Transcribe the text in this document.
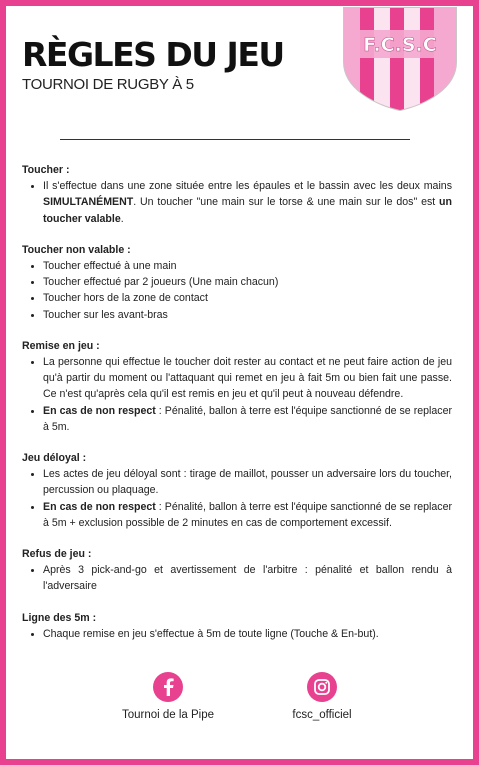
F.C.S.C
RÈGLES DU JEU

TOURNOI DE RUGBY À 5

Toucher :

• Il s'effectue dans une zone située entre les épaules et le bassin avec les deux mains SIMULTANÉMENT. Un toucher "une main sur le torse & une main sur le dos" est un toucher valable.

Toucher non valable :

• Toucher effectué à une main
• Toucher effectué par 2 joueurs (Une main chacun)
• Toucher hors de la zone de contact
• Toucher sur les avant-bras

Remise en jeu :

• La personne qui effectue le toucher doit rester au contact et ne peut faire action de jeu qu'à partir du moment ou l'attaquant qui remet en jeu à fait 5m ou bien fait une passe. Ce n'est qu'après cela qu'il est remis en jeu et qu'il peut à nouveau défendre.
• En cas de non respect : Pénalité, ballon à terre est l'équipe sanctionné de se replacer à 5m.

Jeu déloyal :

• Les actes de jeu déloyal sont : tirage de maillot, pousser un adversaire lors du toucher, percussion ou plaquage.
• En cas de non respect : Pénalité, ballon à terre est l'équipe sanctionné de se replacer à 5m + exclusion possible de 2 minutes en cas de comportement excessif.

Refus de jeu :

• Après 3 pick-and-go et avertissement de l'arbitre : pénalité et ballon rendu à l'adversaire

Ligne des 5m :

• Chaque remise en jeu s'effectue à 5m de toute ligne (Touche & En-but).
Tournoi de la Pipe	fcsc_officiel
